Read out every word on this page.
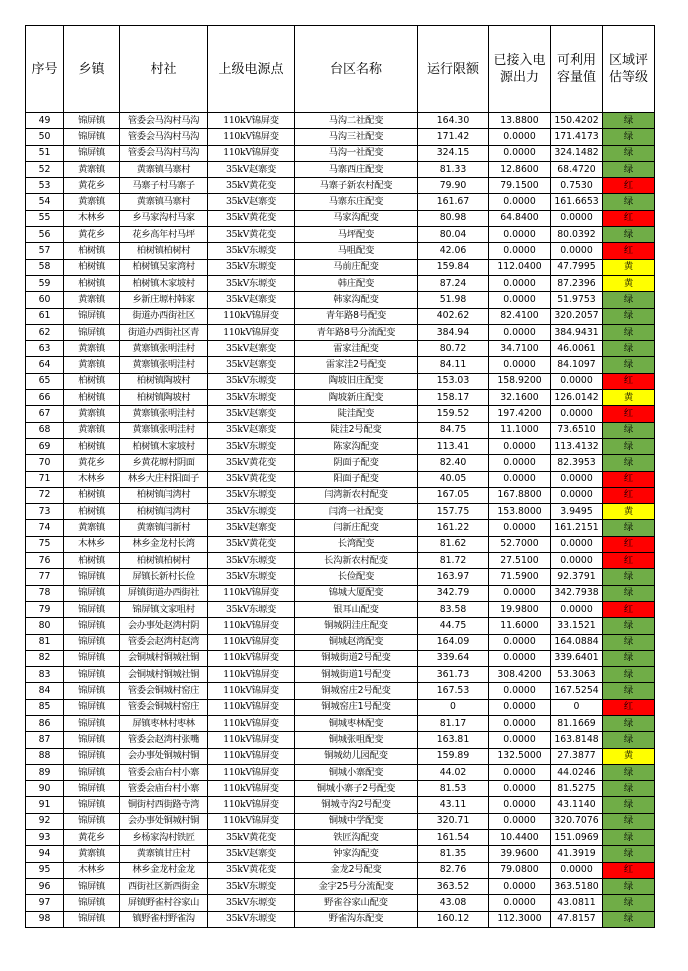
序号	乡镇	村社	上级电源点	台区名称	运行限额	已接入电源出力	可利用容量值	区域评估等级
49	锦屏镇	管委会马沟村马沟	110kV锦屏变	马沟二社配变	164.30	13.8800	150.4202	绿
50	锦屏镇	管委会马沟村马沟	110kV锦屏变	马沟三社配变	171.42	0.0000	171.4173	绿
51	锦屏镇	管委会马沟村马沟	110kV锦屏变	马沟一社配变	324.15	0.0000	324.1482	绿
52	黄寨镇	黄寨镇马寨村	35kV赵寨变	马寨西庄配变	81.33	12.8600	68.4720	绿
53	黄花乡	马寨子村马寨子	35kV黄花变	马寨子新农村配变	79.90	79.1500	0.7530	红
54	黄寨镇	黄寨镇马寨村	35kV赵寨变	马寨东庄配变	161.67	0.0000	161.6653	绿
55	木林乡	乡马家沟村马家	35kV黄花变	马家沟配变	80.98	64.8400	0.0000	红
56	黄花乡	花乡高年村马坪	35kV黄花变	马坪配变	80.04	0.0000	80.0392	绿
57	柏树镇	柏树镇柏树村	35kV东塬变	马咀配变	42.06	0.0000	0.0000	红
58	柏树镇	柏树镇吴家湾村	35kV东塬变	马前庄配变	159.84	112.0400	47.7995	黄
59	柏树镇	柏树镇木家坡村	35kV东塬变	韩庄配变	87.24	0.0000	87.2396	黄
60	黄寨镇	乡新庄塬村韩家	35kV赵寨变	韩家沟配变	51.98	0.0000	51.9753	绿
61	锦屏镇	街道办西街社区	110kV锦屏变	青年路8号配变	402.62	82.4100	320.2057	绿
62	锦屏镇	街道办西街社区青	110kV锦屏变	青年路8号分流配变	384.94	0.0000	384.9431	绿
63	黄寨镇	黄寨镇张明洼村	35kV赵寨变	雷家洼配变	80.72	34.7100	46.0061	绿
64	黄寨镇	黄寨镇张明洼村	35kV赵寨变	雷家洼2号配变	84.11	0.0000	84.1097	绿
65	柏树镇	柏树镇陶坡村	35kV东塬变	陶坡旧庄配变	153.03	158.9200	0.0000	红
66	柏树镇	柏树镇陶坡村	35kV东塬变	陶坡新庄配变	158.17	32.1600	126.0142	黄
67	黄寨镇	黄寨镇张明洼村	35kV赵寨变	陡洼配变	159.52	197.4200	0.0000	红
68	黄寨镇	黄寨镇张明洼村	35kV赵寨变	陡洼2号配变	84.75	11.1000	73.6510	绿
69	柏树镇	柏树镇木家坡村	35kV东塬变	陈家沟配变	113.41	0.0000	113.4132	绿
70	黄花乡	乡黄花塬村阴面	35kV黄花变	阴面子配变	82.40	0.0000	82.3953	绿
71	木林乡	林乡大庄村阳面子	35kV黄花变	阳面子配变	40.05	0.0000	0.0000	红
72	柏树镇	柏树镇闫湾村	35kV东塬变	闫湾新农村配变	167.05	167.8800	0.0000	红
73	柏树镇	柏树镇闫湾村	35kV东塬变	闫湾一社配变	157.75	153.8000	3.9495	黄
74	黄寨镇	黄寨镇闫新村	35kV赵寨变	闫新庄配变	161.22	0.0000	161.2151	绿
75	木林乡	林乡金龙村长湾	35kV黄花变	长湾配变	81.62	52.7000	0.0000	红
76	柏树镇	柏树镇柏树村	35kV东塬变	长沟新农村配变	81.72	27.5100	0.0000	红
77	锦屏镇	屏镇长新村长俭	35kV东塬变	长俭配变	163.97	71.5900	92.3791	绿
78	锦屏镇	屏镇街道办西街社	110kV锦屏变	锦城大厦配变	342.79	0.0000	342.7938	绿
79	锦屏镇	锦屏镇文家咀村	35kV东塬变	银耳山配变	83.58	19.9800	0.0000	红
80	锦屏镇	会办事处赵湾村阴	110kV锦屏变	铜城阴洼庄配变	44.75	11.6000	33.1521	绿
81	锦屏镇	管委会赵湾村赵湾	110kV锦屏变	铜城赵湾配变	164.09	0.0000	164.0884	绿
82	锦屏镇	会铜城村铜城社铜	110kV锦屏变	铜城街道2号配变	339.64	0.0000	339.6401	绿
83	锦屏镇	会铜城村铜城社铜	110kV锦屏变	铜城街道1号配变	361.73	308.4200	53.3063	绿
84	锦屏镇	管委会铜城村窑庄	110kV锦屏变	铜城窑庄2号配变	167.53	0.0000	167.5254	绿
85	锦屏镇	管委会铜城村窑庄	110kV锦屏变	铜城窑庄1号配变	0	0.0000	0	红
86	锦屏镇	屏镇枣林村枣林	110kV锦屏变	铜城枣林配变	81.17	0.0000	81.1669	绿
87	锦屏镇	管委会赵湾村张嘴	110kV锦屏变	铜城张咀配变	163.81	0.0000	163.8148	绿
88	锦屏镇	会办事处铜城村铜	110kV锦屏变	铜城幼儿园配变	159.89	132.5000	27.3877	黄
89	锦屏镇	管委会庙台村小寨	110kV锦屏变	铜城小寨配变	44.02	0.0000	44.0246	绿
90	锦屏镇	管委会庙台村小寨	110kV锦屏变	铜城小寨子2号配变	81.53	0.0000	81.5275	绿
91	锦屏镇	铜街村西街路寺湾	110kV锦屏变	铜城寺沟2号配变	43.11	0.0000	43.1140	绿
92	锦屏镇	会办事处铜城村铜	110kV锦屏变	铜城中学配变	320.71	0.0000	320.7076	绿
93	黄花乡	乡杨家沟村铁匠	35kV黄花变	铁匠沟配变	161.54	10.4400	151.0969	绿
94	黄寨镇	黄寨镇甘庄村	35kV赵寨变	钟家沟配变	81.35	39.9600	41.3919	绿
95	木林乡	林乡金龙村金龙	35kV黄花变	金龙2号配变	82.76	79.0800	0.0000	红
96	锦屏镇	西街社区新西街金	35kV东塬变	金宇25号分流配变	363.52	0.0000	363.5180	绿
97	锦屏镇	屏镇野雀村谷家山	35kV东塬变	野雀谷家山配变	43.08	0.0000	43.0811	绿
98	锦屏镇	镇野雀村野雀沟	35kV东塬变	野雀沟东配变	160.12	112.3000	47.8157	绿
